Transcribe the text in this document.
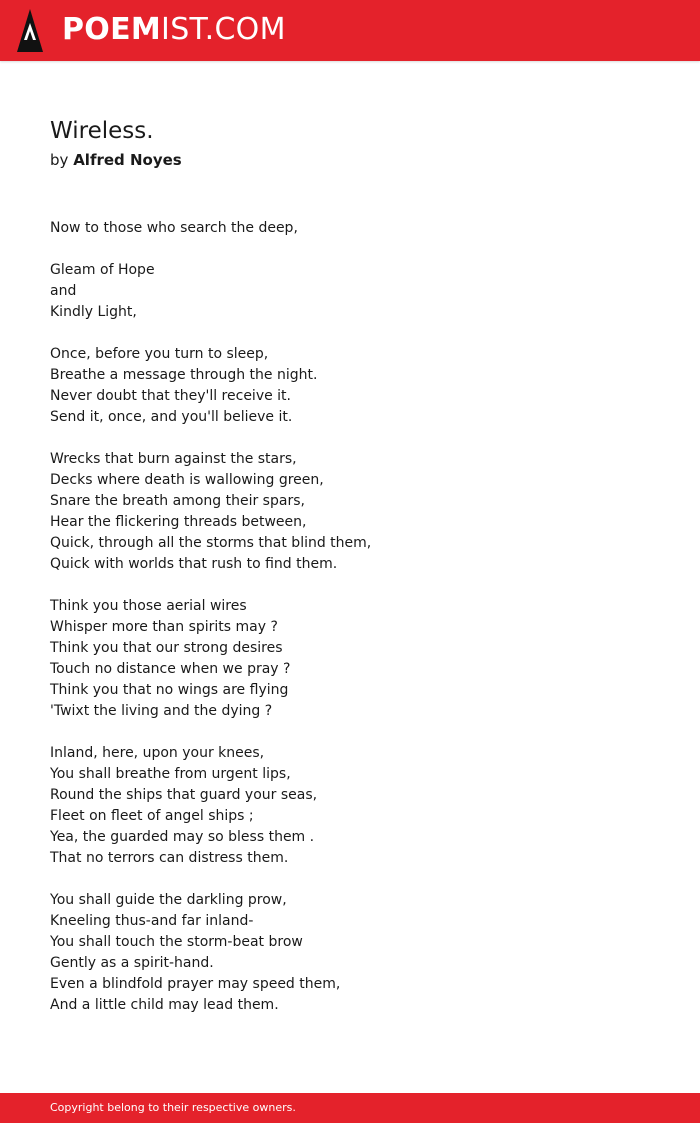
POEMIST.COM
Wireless.
by Alfred Noyes
Now to those who search the deep,
Gleam of Hope
and
Kindly Light,
Once, before you turn to sleep,
Breathe a message through the night.
Never doubt that they'll receive it.
Send it, once, and you'll believe it.
Wrecks that burn against the stars,
Decks where death is wallowing green,
Snare the breath among their spars,
Hear the flickering threads between,
Quick, through all the storms that blind them,
Quick with worlds that rush to find them.
Think you those aerial wires
Whisper more than spirits may ?
Think you that our strong desires
Touch no distance when we pray ?
Think you that no wings are flying
'Twixt the living and the dying ?
Inland, here, upon your knees,
You shall breathe from urgent lips,
Round the ships that guard your seas,
Fleet on fleet of angel ships ;
Yea, the guarded may so bless them .
That no terrors can distress them.
You shall guide the darkling prow,
Kneeling thus-and far inland-
You shall touch the storm-beat brow
Gently as a spirit-hand.
Even a blindfold prayer may speed them,
And a little child may lead them.
Copyright belong to their respective owners.
